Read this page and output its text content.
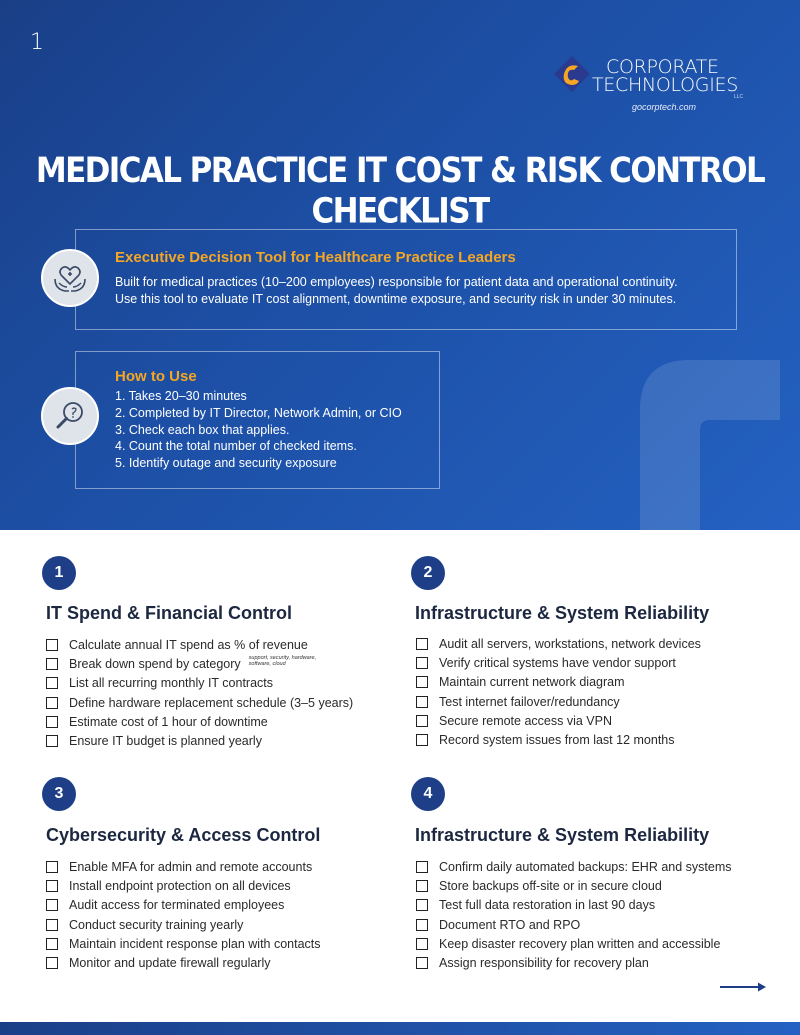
1
CORPORATE
TECHNOLOGIES
LLC
gocorptech.com
MEDICAL PRACTICE IT COST & RISK CONTROL CHECKLIST
Executive Decision Tool for Healthcare Practice Leaders
Built for medical practices (10–200 employees) responsible for patient data and operational continuity.
Use this tool to evaluate IT cost alignment, downtime exposure, and security risk in under 30 minutes.
How to Use
1. Takes 20–30 minutes
2. Completed by IT Director, Network Admin, or CIO
3. Check each box that applies.
4. Count the total number of checked items.
5. Identify outage and security exposure
1
IT Spend & Financial Control
Calculate annual IT spend as % of revenue
Break down spend by category support, security, hardware, software, cloud
List all recurring monthly IT contracts
Define hardware replacement schedule (3–5 years)
Estimate cost of 1 hour of downtime
Ensure IT budget is planned yearly
2
Infrastructure & System Reliability
Audit all servers, workstations, network devices
Verify critical systems have vendor support
Maintain current network diagram
Test internet failover/redundancy
Secure remote access via VPN
Record system issues from last 12 months
3
Cybersecurity & Access Control
Enable MFA for admin and remote accounts
Install endpoint protection on all devices
Audit access for terminated employees
Conduct security training yearly
Maintain incident response plan with contacts
Monitor and update firewall regularly
4
Infrastructure & System Reliability
Confirm daily automated backups: EHR and systems
Store backups off-site or in secure cloud
Test full data restoration in last 90 days
Document RTO and RPO
Keep disaster recovery plan written and accessible
Assign responsibility for recovery plan
